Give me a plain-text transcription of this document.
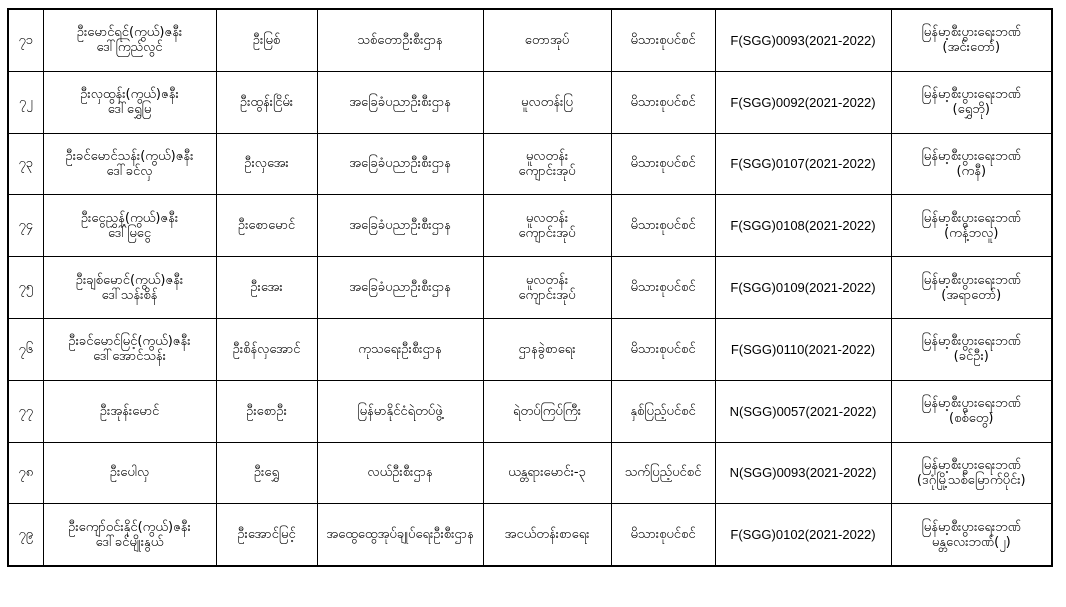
၇၁	ဦးမောင်ရင်(ကွယ်)ဇနီး
ဒေါ်ကြည်လွင်	ဦးမြစ်	သစ်တောဦးစီးဌာန	တောအုပ်	မိသားစုပင်စင်	F(SGG)0093(2021-2022)	မြန်မာ့စီးပွားရေးဘဏ်
(အင်းတော်)
၇၂	ဦးလှထွန်း(ကွယ်)ဇနီး
ဒေါ်ရွှေမြ	ဦးထွန်းငြိမ်း	အခြေခံပညာဦးစီးဌာန	မူလတန်းပြ	မိသားစုပင်စင်	F(SGG)0092(2021-2022)	မြန်မာ့စီးပွားရေးဘဏ်
(ရွှေဘို)
၇၃	ဦးခင်မောင်သန်း(ကွယ်)ဇနီး
ဒေါ်ခင်လှ	ဦးလှအေး	အခြေခံပညာဦးစီးဌာန	မူလတန်း
ကျောင်းအုပ်	မိသားစုပင်စင်	F(SGG)0107(2021-2022)	မြန်မာ့စီးပွားရေးဘဏ်
(ကနီ)
၇၄	ဦးငွေညွှန့်(ကွယ်)ဇနီး
ဒေါ်မြငွေ	ဦးစောမောင်	အခြေခံပညာဦးစီးဌာန	မူလတန်း
ကျောင်းအုပ်	မိသားစုပင်စင်	F(SGG)0108(2021-2022)	မြန်မာ့စီးပွားရေးဘဏ်
(ကန့်ဘလူ)
၇၅	ဦးချစ်မောင်(ကွယ်)ဇနီး
ဒေါ်သန်းစိန်	ဦးအေး	အခြေခံပညာဦးစီးဌာန	မူလတန်း
ကျောင်းအုပ်	မိသားစုပင်စင်	F(SGG)0109(2021-2022)	မြန်မာ့စီးပွားရေးဘဏ်
(အရာတော်)
၇၆	ဦးခင်မောင်မြင့်(ကွယ်)ဇနီး
ဒေါ်အောင်သန်း	ဦးစိန်လှအောင်	ကုသရေးဦးစီးဌာန	ဌာနခွဲစာရေး	မိသားစုပင်စင်	F(SGG)0110(2021-2022)	မြန်မာ့စီးပွားရေးဘဏ်
(ခင်ဦး)
၇၇	ဦးအုန်းမောင်	ဦးစောဦး	မြန်မာနိုင်ငံရဲတပ်ဖွဲ့	ရဲတပ်ကြပ်ကြီး	နှစ်ပြည့်ပင်စင်	N(SGG)0057(2021-2022)	မြန်မာ့စီးပွားရေးဘဏ်
(စစ်တွေ)
၇၈	ဦးပေါလှ	ဦးရွှေ	လယ်ဦးစီးဌာန	ယန္တရားမောင်း-၃	သက်ပြည့်ပင်စင်	N(SGG)0093(2021-2022)	မြန်မာ့စီးပွားရေးဘဏ်
(ဒဂုံမြို့သစ်မြောက်ပိုင်း)
၇၉	ဦးကျော်ဝင်းနိုင်(ကွယ်)ဇနီး
ဒေါ်ခင်မျိုးနွယ်	ဦးအောင်မြင့်	အထွေထွေအုပ်ချုပ်ရေးဦးစီးဌာန	အငယ်တန်းစာရေး	မိသားစုပင်စင်	F(SGG)0102(2021-2022)	မြန်မာ့စီးပွားရေးဘဏ်
မန္တလေးဘဏ်(၂)
